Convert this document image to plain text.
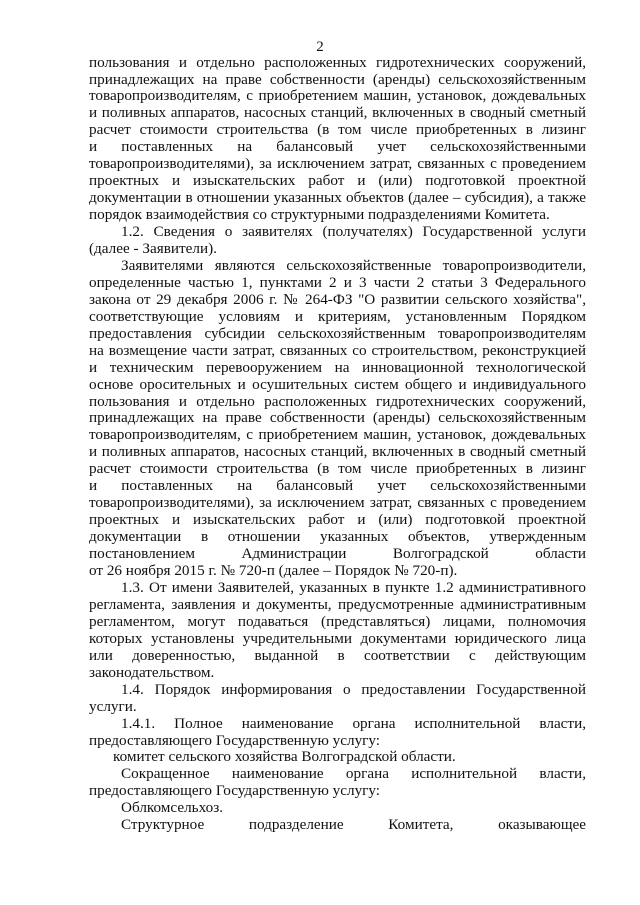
2
пользования и отдельно расположенных гидротехнических сооружений,
принадлежащих на праве собственности (аренды) сельскохозяйственным
товаропроизводителям, с приобретением машин, установок, дождевальных
и поливных аппаратов, насосных станций, включенных в сводный сметный
расчет стоимости строительства (в том числе приобретенных в лизинг
и поставленных на балансовый учет сельскохозяйственными
товаропроизводителями), за исключением затрат, связанных с проведением
проектных и изыскательских работ и (или) подготовкой проектной
документации в отношении указанных объектов (далее – субсидия), а также
порядок взаимодействия со структурными подразделениями Комитета.
1.2. Сведения о заявителях (получателях) Государственной услуги
(далее - Заявители).
Заявителями являются сельскохозяйственные товаропроизводители,
определенные частью 1, пунктами 2 и 3 части 2 статьи 3 Федерального
закона от 29 декабря 2006 г. № 264-ФЗ "О развитии сельского хозяйства",
соответствующие условиям и критериям, установленным Порядком
предоставления субсидии сельскохозяйственным товаропроизводителям
на возмещение части затрат, связанных со строительством, реконструкцией
и техническим перевооружением на инновационной технологической
основе оросительных и осушительных систем общего и индивидуального
пользования и отдельно расположенных гидротехнических сооружений,
принадлежащих на праве собственности (аренды) сельскохозяйственным
товаропроизводителям, с приобретением машин, установок, дождевальных
и поливных аппаратов, насосных станций, включенных в сводный сметный
расчет стоимости строительства (в том числе приобретенных в лизинг
и поставленных на балансовый учет сельскохозяйственными
товаропроизводителями), за исключением затрат, связанных с проведением
проектных и изыскательских работ и (или) подготовкой проектной
документации в отношении указанных объектов, утвержденным
постановлением Администрации Волгоградской области
от 26 ноября 2015 г. № 720-п (далее – Порядок № 720-п).
1.3. От имени Заявителей, указанных в пункте 1.2 административного
регламента, заявления и документы, предусмотренные административным
регламентом, могут подаваться (представляться) лицами, полномочия
которых установлены учредительными документами юридического лица
или доверенностью, выданной в соответствии с действующим
законодательством.
1.4. Порядок информирования о предоставлении Государственной
услуги.
1.4.1. Полное наименование органа исполнительной власти,
предоставляющего Государственную услугу:
комитет сельского хозяйства Волгоградской области.
Сокращенное наименование органа исполнительной власти,
предоставляющего Государственную услугу:
Облкомсельхоз.
Структурное подразделение Комитета, оказывающее
